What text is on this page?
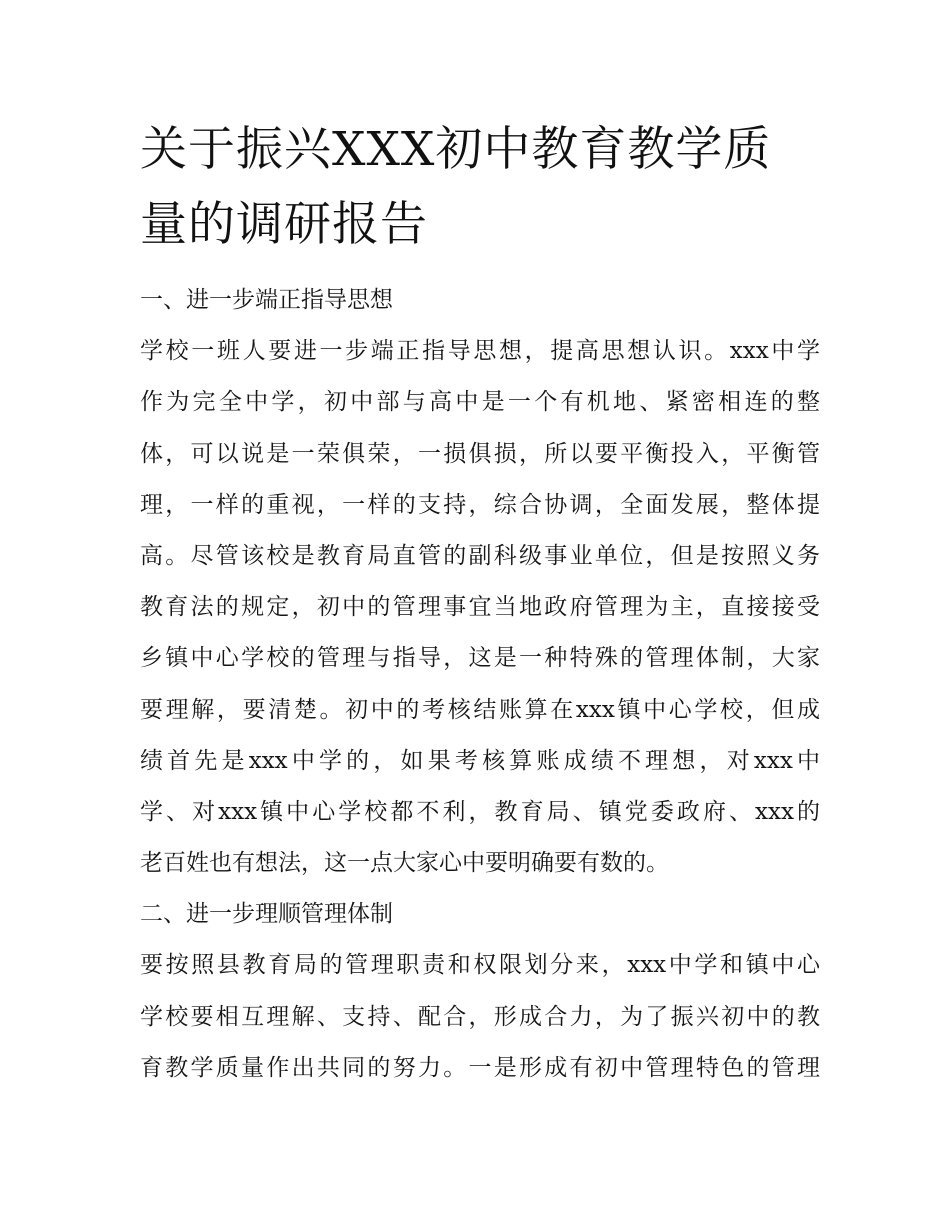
关于振兴XXX初中教育教学质
量的调研报告
一、进一步端正指导思想
学校一班人要进一步端正指导思想，提高思想认识。xxx中学
作为完全中学，初中部与高中是一个有机地、紧密相连的整
体，可以说是一荣俱荣，一损俱损，所以要平衡投入，平衡管
理，一样的重视，一样的支持，综合协调，全面发展，整体提
高。尽管该校是教育局直管的副科级事业单位，但是按照义务
教育法的规定，初中的管理事宜当地政府管理为主，直接接受
乡镇中心学校的管理与指导，这是一种特殊的管理体制，大家
要理解，要清楚。初中的考核结账算在xxx镇中心学校，但成
绩首先是xxx中学的，如果考核算账成绩不理想，对xxx中
学、对xxx镇中心学校都不利，教育局、镇党委政府、xxx的
老百姓也有想法，这一点大家心中要明确要有数的。
二、进一步理顺管理体制
要按照县教育局的管理职责和权限划分来，xxx中学和镇中心
学校要相互理解、支持、配合，形成合力，为了振兴初中的教
育教学质量作出共同的努力。一是形成有初中管理特色的管理
